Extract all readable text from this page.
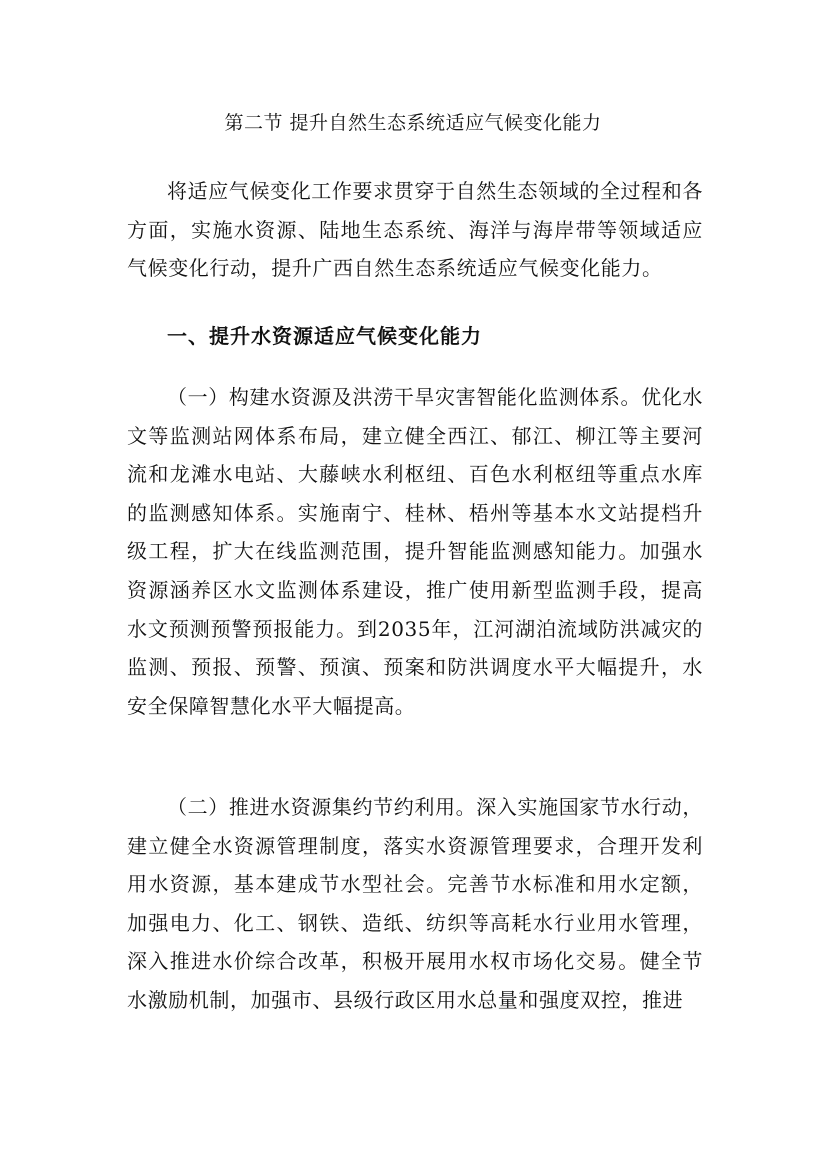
第二节 提升自然生态系统适应气候变化能力

将适应气候变化工作要求贯穿于自然生态领域的全过程和各方面，实施水资源、陆地生态系统、海洋与海岸带等领域适应气候变化行动，提升广西自然生态系统适应气候变化能力。

一、提升水资源适应气候变化能力

（一）构建水资源及洪涝干旱灾害智能化监测体系。优化水文等监测站网体系布局，建立健全西江、郁江、柳江等主要河流和龙滩水电站、大藤峡水利枢纽、百色水利枢纽等重点水库的监测感知体系。实施南宁、桂林、梧州等基本水文站提档升级工程，扩大在线监测范围，提升智能监测感知能力。加强水资源涵养区水文监测体系建设，推广使用新型监测手段，提高水文预测预警预报能力。到2035年，江河湖泊流域防洪减灾的监测、预报、预警、预演、预案和防洪调度水平大幅提升，水安全保障智慧化水平大幅提高。

（二）推进水资源集约节约利用。深入实施国家节水行动，建立健全水资源管理制度，落实水资源管理要求，合理开发利用水资源，基本建成节水型社会。完善节水标准和用水定额，加强电力、化工、钢铁、造纸、纺织等高耗水行业用水管理，深入推进水价综合改革，积极开展用水权市场化交易。健全节水激励机制，加强市、县级行政区用水总量和强度双控，推进
